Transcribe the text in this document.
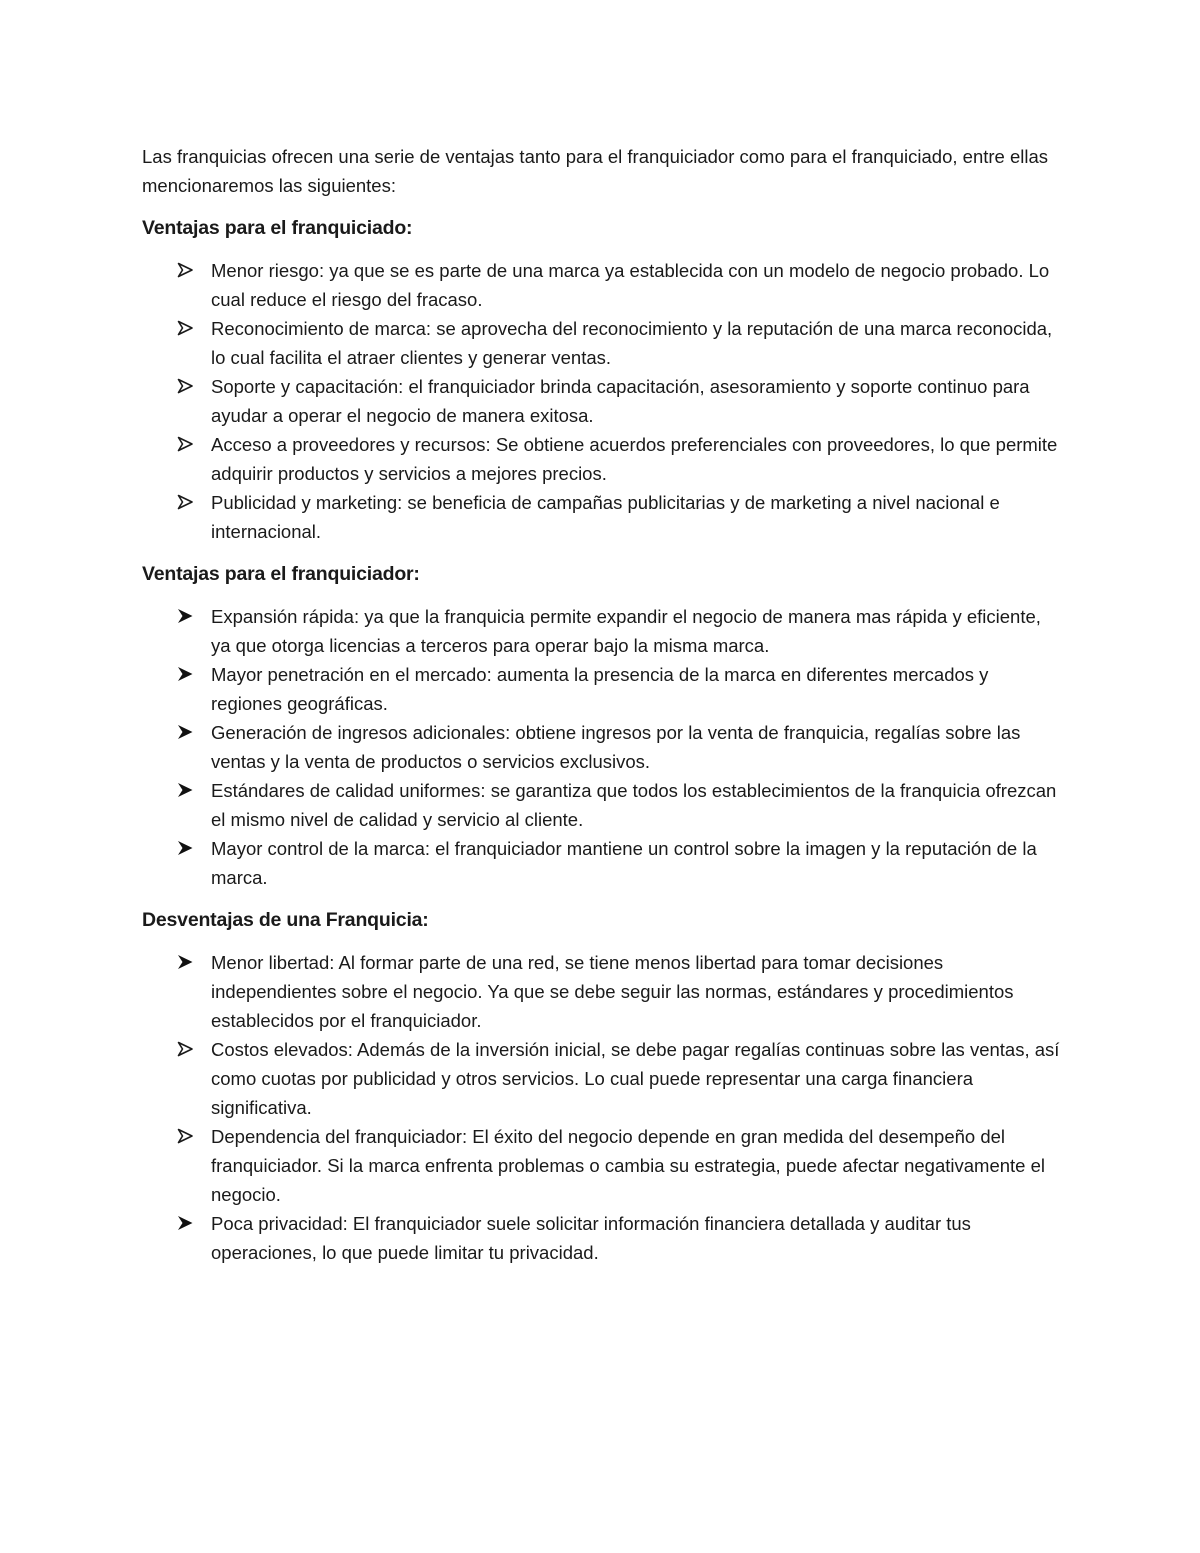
Las franquicias ofrecen una serie de ventajas tanto para el franquiciador como para el franquiciado, entre ellas mencionaremos las siguientes:

Ventajas para el franquiciado:
Menor riesgo: ya que se es parte de una marca ya establecida con un modelo de negocio probado. Lo cual reduce el riesgo del fracaso.
Reconocimiento de marca: se aprovecha del reconocimiento y la reputación de una marca reconocida, lo cual facilita el atraer clientes y generar ventas.
Soporte y capacitación: el franquiciador brinda capacitación, asesoramiento y soporte continuo para ayudar a operar el negocio de manera exitosa.
Acceso a proveedores y recursos: Se obtiene acuerdos preferenciales con proveedores, lo que permite adquirir productos y servicios a mejores precios.
Publicidad y marketing: se beneficia de campañas publicitarias y de marketing a nivel nacional e internacional.
Ventajas para el franquiciador:
Expansión rápida: ya que la franquicia permite expandir el negocio de manera mas rápida y eficiente, ya que otorga licencias a terceros para operar bajo la misma marca.
Mayor penetración en el mercado: aumenta la presencia de la marca en diferentes mercados y regiones geográficas.
Generación de ingresos adicionales: obtiene ingresos por la venta de franquicia, regalías sobre las ventas y la venta de productos o servicios exclusivos.
Estándares de calidad uniformes: se garantiza que todos los establecimientos de la franquicia ofrezcan el mismo nivel de calidad y servicio al cliente.
Mayor control de la marca: el franquiciador mantiene un control sobre la imagen y la reputación de la marca.
Desventajas de una Franquicia:
Menor libertad: Al formar parte de una red, se tiene menos libertad para tomar decisiones independientes sobre el negocio. Ya que se debe seguir las normas, estándares y procedimientos establecidos por el franquiciador.
Costos elevados: Además de la inversión inicial, se debe pagar regalías continuas sobre las ventas, así como cuotas por publicidad y otros servicios. Lo cual puede representar una carga financiera significativa.
Dependencia del franquiciador: El éxito del negocio depende en gran medida del desempeño del franquiciador. Si la marca enfrenta problemas o cambia su estrategia, puede afectar negativamente el negocio.
Poca privacidad: El franquiciador suele solicitar información financiera detallada y auditar tus operaciones, lo que puede limitar tu privacidad.
